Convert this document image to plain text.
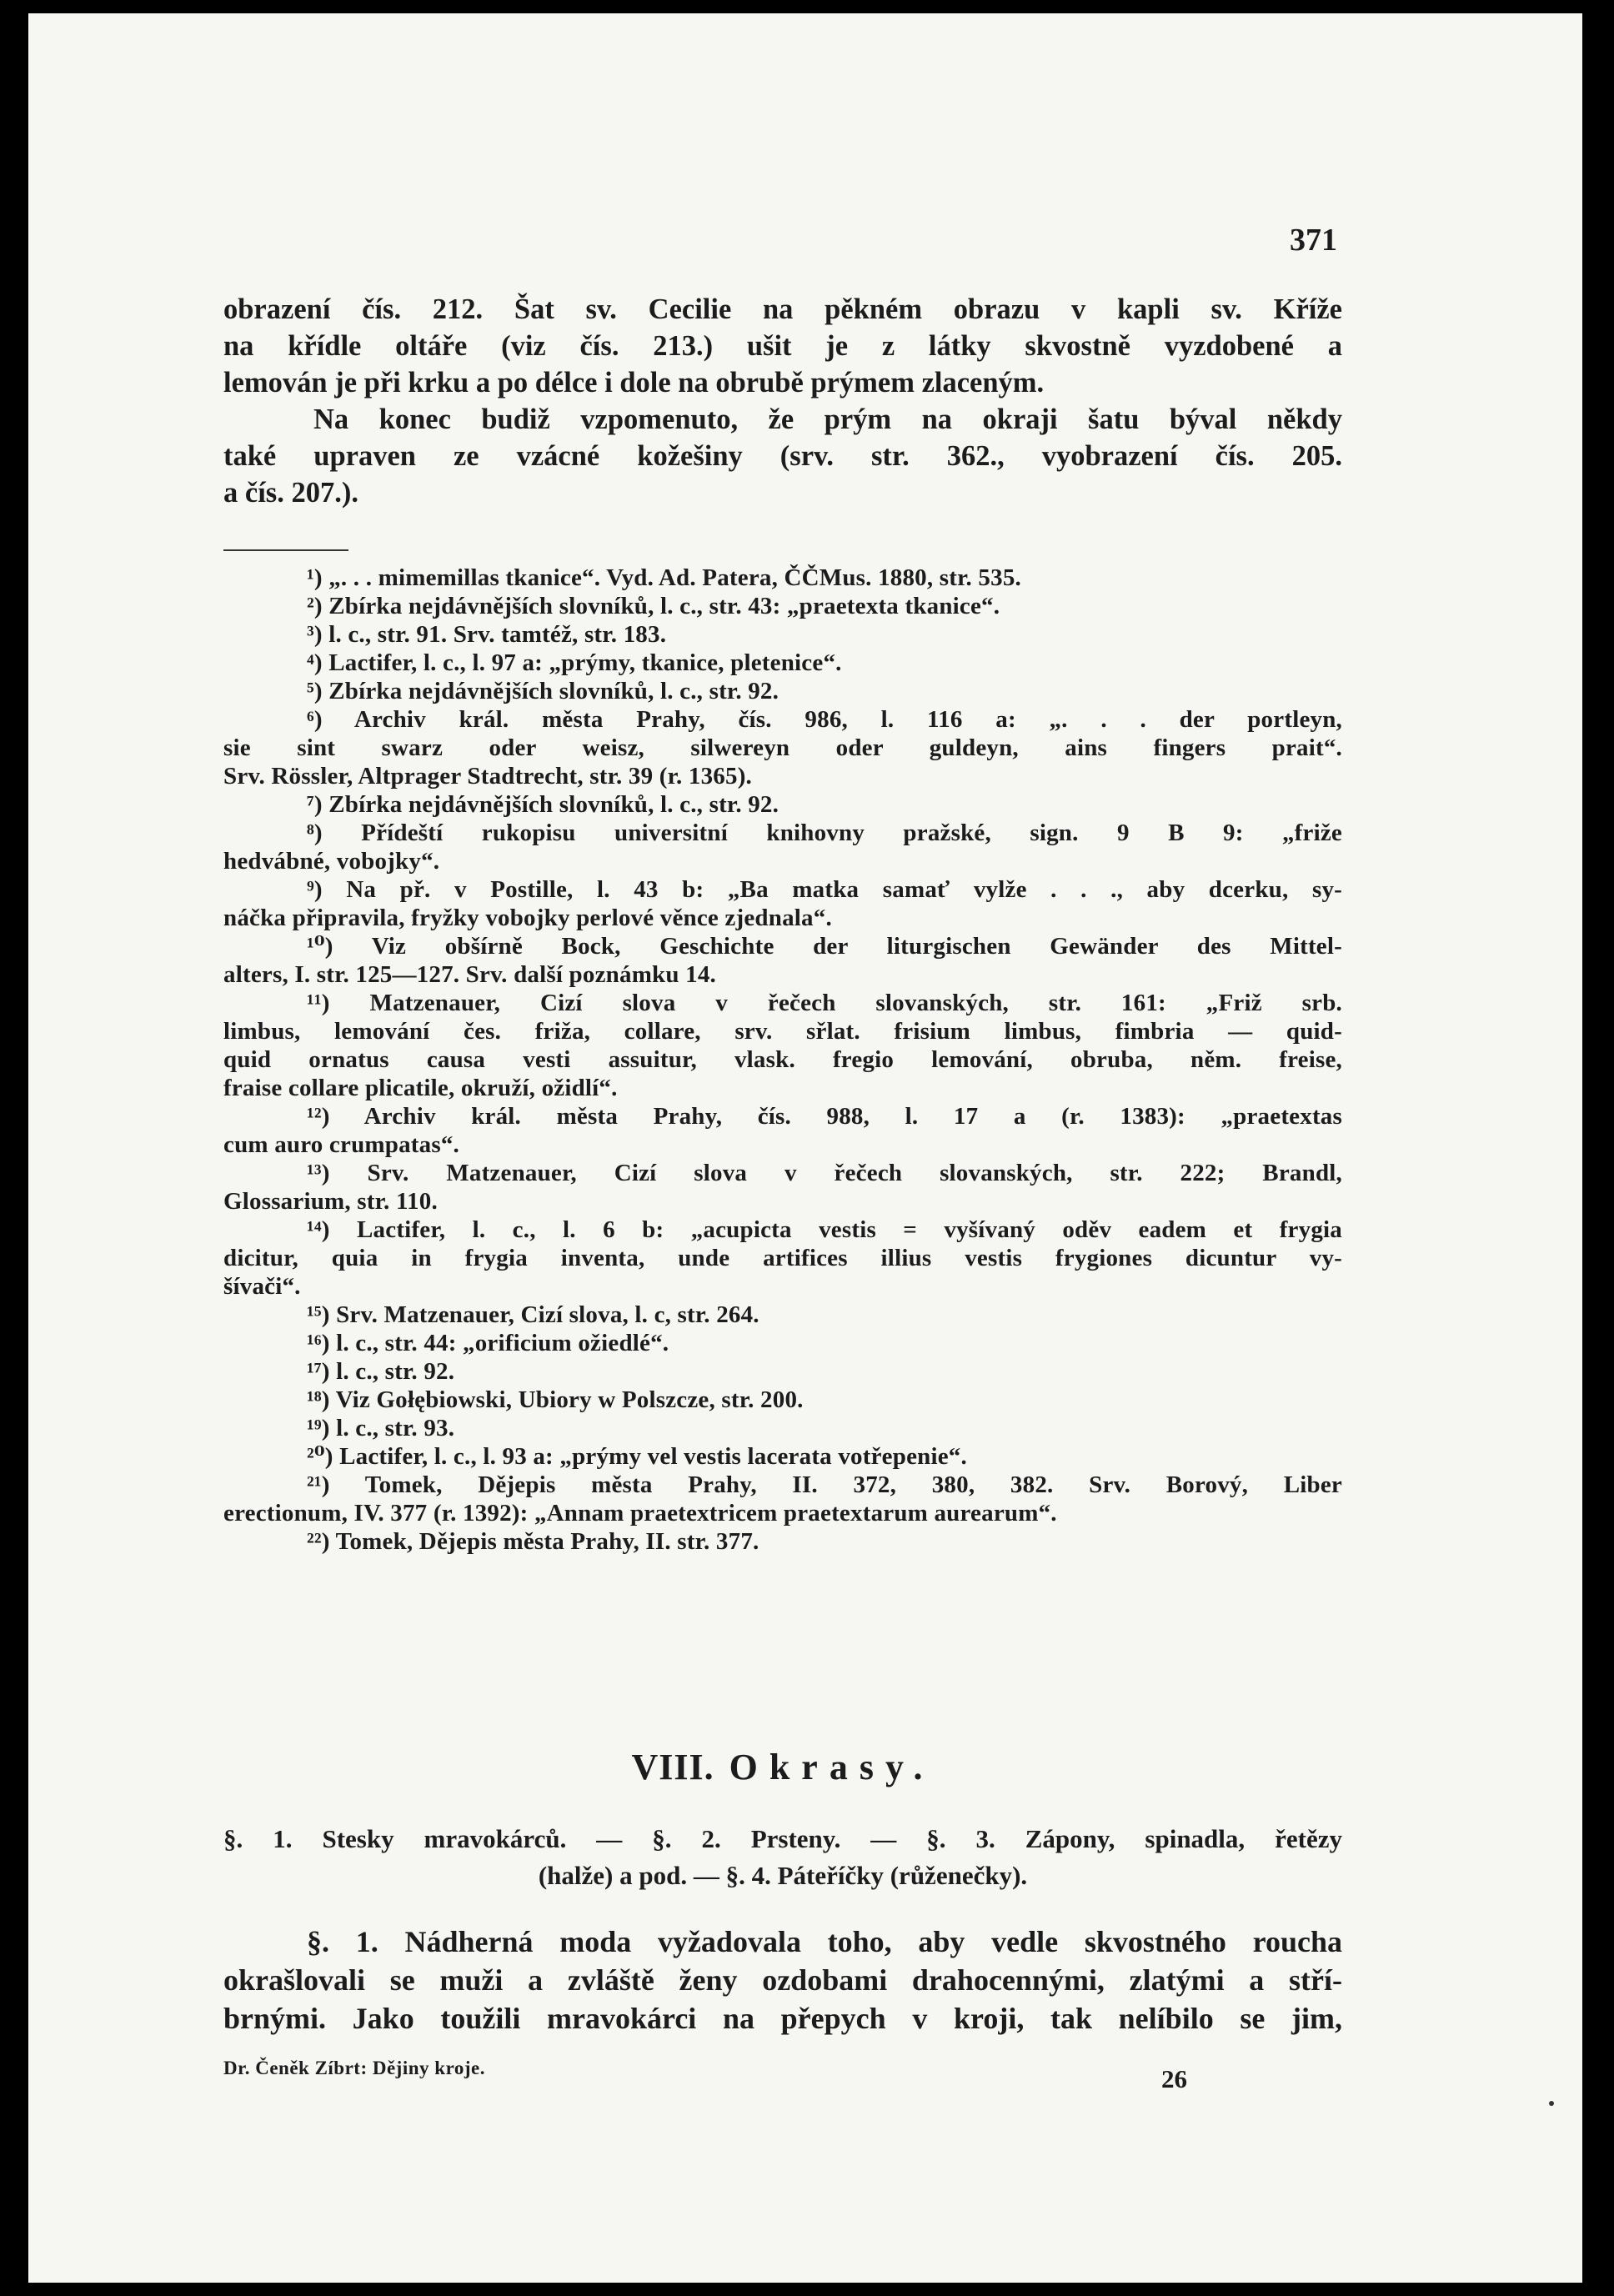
371

obrazení čís. 212. Šat sv. Cecilie na pěkném obrazu v kapli sv. Kříže
na křídle oltáře (viz čís. 213.) ušit je z látky skvostně vyzdobené a
lemován je při krku a po délce i dole na obrubě prýmem zlaceným.

Na konec budiž vzpomenuto, že prým na okraji šatu býval někdy
také upraven ze vzácné kožešiny (srv. str. 362., vyobrazení čís. 205.
a čís. 207.).

¹) „. . . mimemillas tkanice“. Vyd. Ad. Patera, ČČMus. 1880, str. 535.
²) Zbírka nejdávnějších slovníků, l. c., str. 43: „praetexta tkanice“.
³) l. c., str. 91. Srv. tamtéž, str. 183.
⁴) Lactifer, l. c., l. 97 a: „prýmy, tkanice, pletenice“.
⁵) Zbírka nejdávnějších slovníků, l. c., str. 92.
⁶) Archiv král. města Prahy, čís. 986, l. 116 a: „. . . der portleyn,
sie sint swarz oder weisz, silwereyn oder guldeyn, ains fingers prait“.
Srv. Rössler, Altprager Stadtrecht, str. 39 (r. 1365).
⁷) Zbírka nejdávnějších slovníků, l. c., str. 92.
⁸) Přídeští rukopisu universitní knihovny pražské, sign. 9 B 9: „friže
hedvábné, vobojky“.
⁹) Na př. v Postille, l. 43 b: „Ba matka samať vylže . . ., aby dcerku, sy-
náčka připravila, fryžky vobojky perlové věnce zjednala“.
¹⁰) Viz obšírně Bock, Geschichte der liturgischen Gewänder des Mittel-
alters, I. str. 125—127. Srv. další poznámku 14.
¹¹) Matzenauer, Cizí slova v řečech slovanských, str. 161: „Friž srb.
limbus, lemování čes. friža, collare, srv. sřlat. frisium limbus, fimbria — quid-
quid ornatus causa vesti assuitur, vlask. fregio lemování, obruba, něm. freise,
fraise collare plicatile, okruží, ožidlí“.
¹²) Archiv král. města Prahy, čís. 988, l. 17 a (r. 1383): „praetextas
cum auro crumpatas“.
¹³) Srv. Matzenauer, Cizí slova v řečech slovanských, str. 222; Brandl,
Glossarium, str. 110.
¹⁴) Lactifer, l. c., l. 6 b: „acupicta vestis = vyšívaný oděv eadem et frygia
dicitur, quia in frygia inventa, unde artifices illius vestis frygiones dicuntur vy-
šívači“.
¹⁵) Srv. Matzenauer, Cizí slova, l. c, str. 264.
¹⁶) l. c., str. 44: „orificium ožiedlé“.
¹⁷) l. c., str. 92.
¹⁸) Viz Gołębiowski, Ubiory w Polszcze, str. 200.
¹⁹) l. c., str. 93.
²⁰) Lactifer, l. c., l. 93 a: „prýmy vel vestis lacerata votřepenie“.
²¹) Tomek, Dějepis města Prahy, II. 372, 380, 382. Srv. Borový, Liber
erectionum, IV. 377 (r. 1392): „Annam praetextricem praetextarum aurearum“.
²²) Tomek, Dějepis města Prahy, II. str. 377.
VIII. Okrasy.
§. 1. Stesky mravokárců. — §. 2. Prsteny. — §. 3. Zápony, spinadla, řetězy
(halže) a pod. — §. 4. Páteříčky (růženečky).
§. 1. Nádherná moda vyžadovala toho, aby vedle skvostného roucha
okrašlovali se muži a zvláště ženy ozdobami drahocennými, zlatými a stří-
brnými. Jako toužili mravokárci na přepych v kroji, tak nelíbilo se jim,
Dr. Čeněk Zíbrt: Dějiny kroje.	26
